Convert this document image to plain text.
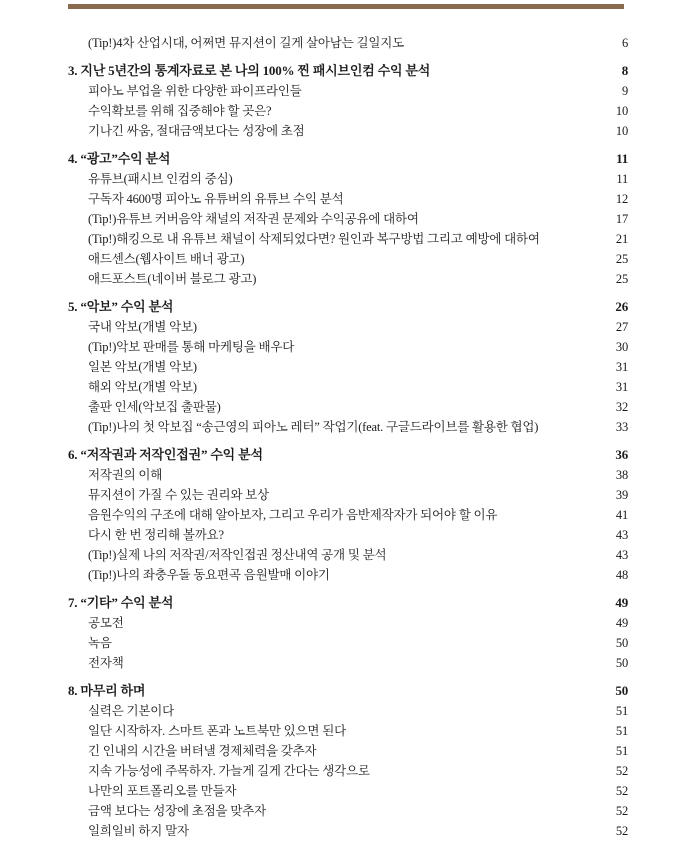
(Tip!)4차 산업시대, 어쩌면 뮤지션이 길게 살아남는 길일지도	6
3. 지난 5년간의 통계자료로 본 나의 100% 찐 패시브인컴 수익 분석	8
피아노 부업을 위한 다양한 파이프라인들	9
수익확보를 위해 집중해야 할 곳은?	10
기나긴 싸움, 절대금액보다는 성장에 초점	10
4. “광고”수익 분석	11
유튜브(패시브 인컴의 중심)	11
구독자 4600명 피아노 유튜버의 유튜브 수익 분석	12
(Tip!)유튜브 커버음악 채널의 저작권 문제와 수익공유에 대하여	17
(Tip!)해킹으로 내 유튜브 채널이 삭제되었다면? 원인과 복구방법 그리고 예방에 대하여	21
애드센스(웹사이트 배너 광고)	25
애드포스트(네이버 블로그 광고)	25
5. “악보” 수익 분석	26
국내 악보(개별 악보)	27
(Tip!)악보 판매를 통해 마케팅을 배우다	30
일본 악보(개별 악보)	31
해외 악보(개별 악보)	31
출판 인세(악보집 출판물)	32
(Tip!)나의 첫 악보집 “송근영의 피아노 레터” 작업기(feat. 구글드라이브를 활용한 협업)	33
6. “저작권과 저작인접권” 수익 분석	36
저작권의 이해	38
뮤지션이 가질 수 있는 권리와 보상	39
음원수익의 구조에 대해 알아보자, 그리고 우리가 음반제작자가 되어야 할 이유	41
다시 한 번 정리해 볼까요?	43
(Tip!)실제 나의 저작권/저작인접권 정산내역 공개 및 분석	43
(Tip!)나의 좌충우돌 동요편곡 음원발매 이야기	48
7. “기타” 수익 분석	49
공모전	49
녹음	50
전자책	50
8. 마무리 하며	50
실력은 기본이다	51
일단 시작하자. 스마트 폰과 노트북만 있으면 된다	51
긴 인내의 시간을 버텨낼 경제체력을 갖추자	51
지속 가능성에 주목하자. 가늘게 길게 간다는 생각으로	52
나만의 포트폴리오를 만들자	52
금액 보다는 성장에 초점을 맞추자	52
일희일비 하지 말자	52
